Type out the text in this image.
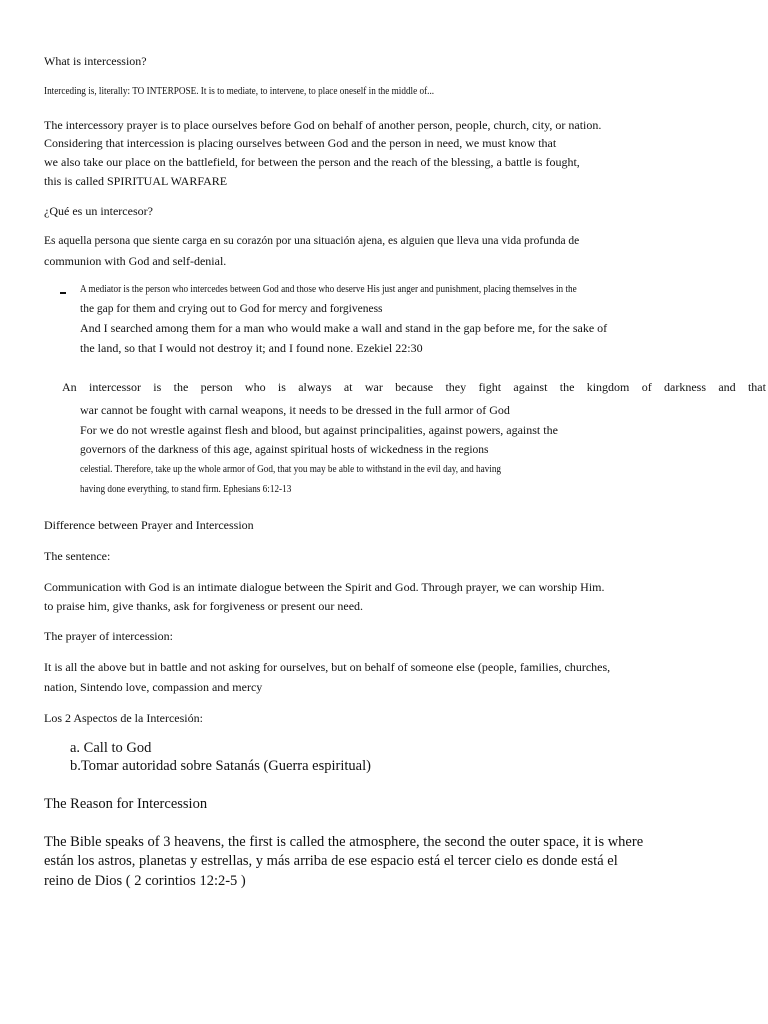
What is intercession?
Interceding is, literally: TO INTERPOSE. It is to mediate, to intervene, to place oneself in the middle of...
The intercessory prayer is to place ourselves before God on behalf of another person, people, church, city, or nation.
Considering that intercession is placing ourselves between God and the person in need, we must know that
we also take our place on the battlefield, for between the person and the reach of the blessing, a battle is fought,
this is called SPIRITUAL WARFARE
¿Qué es un intercesor?
Es aquella persona que siente carga en su corazón por una situación ajena, es alguien que lleva una vida profunda de
communion with God and self-denial.
A mediator is the person who intercedes between God and those who deserve His just anger and punishment, placing themselves in the
the gap for them and crying out to God for mercy and forgiveness
And I searched among them for a man who would make a wall and stand in the gap before me, for the sake of
the land, so that I would not destroy it; and I found none. Ezekiel 22:30
An intercessor is the person who is always at war because they fight against the kingdom of darkness and that
war cannot be fought with carnal weapons, it needs to be dressed in the full armor of God
For we do not wrestle against flesh and blood, but against principalities, against powers, against the
governors of the darkness of this age, against spiritual hosts of wickedness in the regions
celestial. Therefore, take up the whole armor of God, that you may be able to withstand in the evil day, and having
having done everything, to stand firm. Ephesians 6:12-13
Difference between Prayer and Intercession
The sentence:
Communication with God is an intimate dialogue between the Spirit and God. Through prayer, we can worship Him.
to praise him, give thanks, ask for forgiveness or present our need.
The prayer of intercession:
It is all the above but in battle and not asking for ourselves, but on behalf of someone else (people, families, churches,
nation, Sintendo love, compassion and mercy
Los 2 Aspectos de la Intercesión:
a. Call to God
b.Tomar autoridad sobre Satanás (Guerra espiritual)
The Reason for Intercession
The Bible speaks of 3 heavens, the first is called the atmosphere, the second the outer space, it is where
están los astros, planetas y estrellas, y más arriba de ese espacio está el tercer cielo es donde está el
reino de Dios ( 2 corintios 12:2-5 )
